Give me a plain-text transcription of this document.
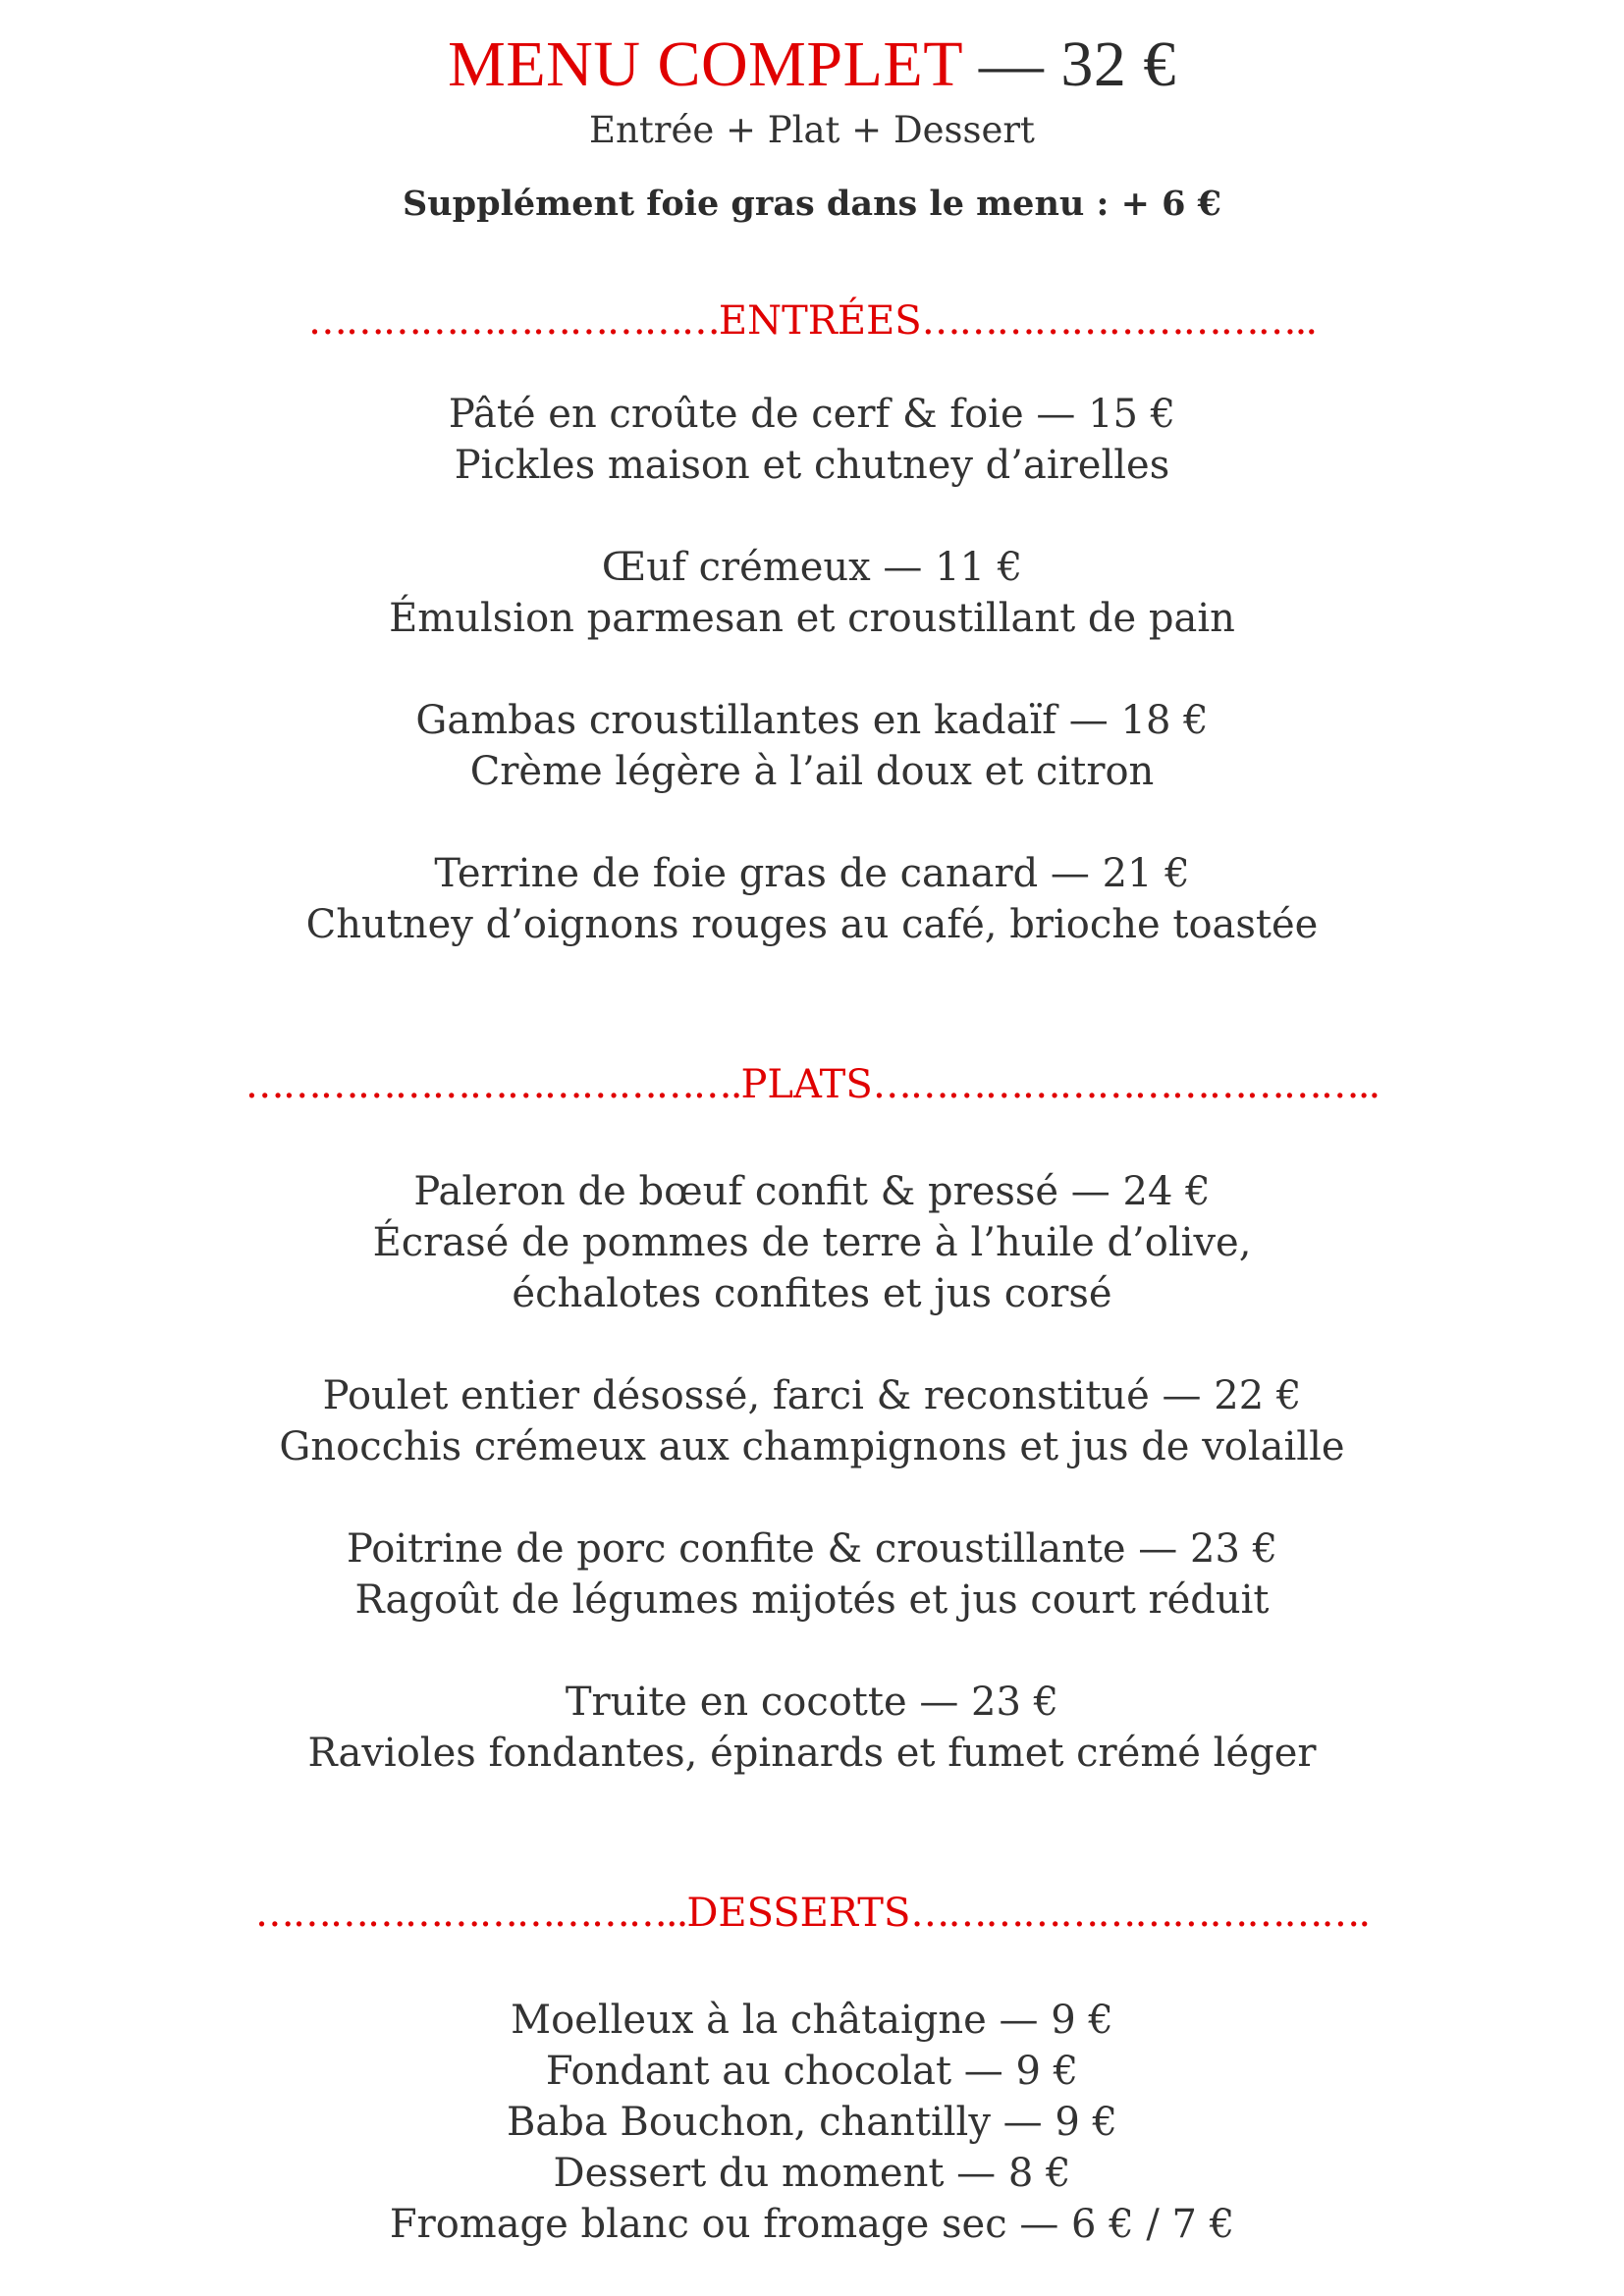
MENU COMPLET — 32 €
Entrée + Plat + Dessert
Supplément foie gras dans le menu : + 6 €
……………………………ENTRÉES…………………………..
Pâté en croûte de cerf & foie — 15 €
Pickles maison et chutney d’airelles
Œuf crémeux — 11 €
Émulsion parmesan et croustillant de pain
Gambas croustillantes en kadaïf — 18 €
Crème légère à l’ail doux et citron
Terrine de foie gras de canard — 21 €
Chutney d’oignons rouges au café, brioche toastée
………………………………….PLATS…………………………………..
Paleron de bœuf confit & pressé — 24 €
Écrasé de pommes de terre à l’huile d’olive,
échalotes confites et jus corsé
Poulet entier désossé, farci & reconstitué — 22 €
Gnocchis crémeux aux champignons et jus de volaille
Poitrine de porc confite & croustillante — 23 €
Ragoût de légumes mijotés et jus court réduit
Truite en cocotte — 23 €
Ravioles fondantes, épinards et fumet crémé léger
……………………………..DESSERTS……………………………….
Moelleux à la châtaigne — 9 €
Fondant au chocolat — 9 €
Baba Bouchon, chantilly — 9 €
Dessert du moment — 8 €
Fromage blanc ou fromage sec — 6 € / 7 €
